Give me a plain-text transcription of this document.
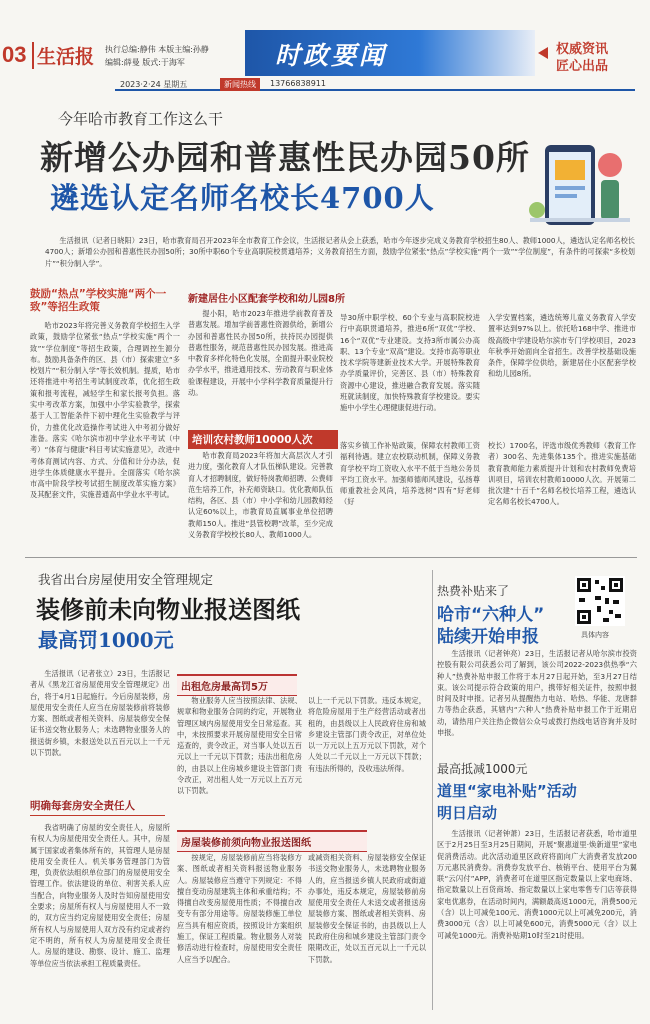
03 生活报 执行总编:静伟 本版主编:孙静
编辑:薛曼 版式:于海军	时政要闻	权威资讯
匠心出品
2023·2·24 星期五	新闻热线	13766838911
今年哈市教育工作这么干
新增公办园和普惠性民办园50所
遴选认定名师名校长4700人
生活报讯（记者日晓阳）23日，哈市教育局召开2023年全市教育工作会议，生活报记者从会上获悉，哈市今年逐步完成义务教育学校招生80人、教师1000人，遴选认定名师名校长4700人；新增公办园和普惠性民办园50所；30所中职60个专业高职院校贯通培养；义务教育招生方面，鼓励学位紧张“热点”学校实施“两个一致”“学位制度”，有条件的可探索“多校划片”“积分制入学”。
鼓励“热点”学校实施“两个一致”等招生政策
哈市2023年将完善义务教育学校招生入学政策，鼓励学位紧张“热点”学校实施“两个一致”“学位制度”等招生政策，合理调控生源分布。鼓励具备条件的区、县（市）探索建立“多校划片”“积分制入学”等长效机制。提质，哈市还将推进中考招生考试制度改革，优化招生政策和报考流程，减轻学生和家长报考负担。落实中考改革方案，加强中小学实验教学，探索基于人工智能条件下初中理化生实验教学与评价，力推优化改造操作考试进入中考初分做好准备。落实《哈尔滨市初中学业水平考试（中考）“体育与健康”科目考试实施意见》，改进中考体育测试内容、方式、分值和计分办法，促进学生体质健康水平提升。全面落实《哈尔滨市高中阶段学校考试招生制度改革实施方案》及其配套文件，实施普通高中学业水平考试。
新建居住小区配套学校和幼儿园8所
提小阳，哈市2023年推进学前教育普及普惠发展。增加学前普惠性资源供给，新增公办园和普惠性民办园50所，扶持民办园提供普惠性服务，规范普惠性民办园发展。推进高中教育多样化特色化发展，全面提升职业院校办学水平，推进通用技术、劳动教育与职业体验课程建设，开展中小学科学教育质量提升行动。
培训农村教师10000人次
哈市教育局2023年将加大高层次人才引进力度，强化教育人才队伍梯队建设。完善教育人才招聘制度，做好特岗教师招聘、公费师范生培养工作，补充师资缺口。优化教师队伍结构，各区、县（市）中小学和幼儿园教师经认定60%以上，市教育局直属事业单位招聘教师150人。推进“县管校聘”改革，至少完成义务教育学校校长80人、教师1000人。
导30所中职学校、60个专业与高职院校进行中高职贯通培养，推进6所“双优”学校、16个“双优”专业建设。支持3所市属公办高职、13个专业“双高”建设。支持市高等职业技术学院等建新业技术大学。开展特殊教育办学质量评价，完善区、县（市）特殊教育资源中心建设，推进融合教育发展。落实随班就读制度，加快特殊教育学校建设。要实施中小学生心理健康促进行动。
落实乡镇工作补贴政策，保障农村教师工资福利待遇。建立农校联动机制，保障义务教育学校平均工资收入水平不低于当地公务员平均工资水平。加强师德师风建设，弘扬尊师重教社会风尚，培养选树“四有”好老师（好
入学安置档案，遴选统筹儿童义务教育入学安置率达到97%以上。依托哈168中学、推进市级高级中学建设哈尔滨市专门学校项目，2023年秋季开始面向全省招生。改善学校基础设施条件，保障学位供给，新建居住小区配套学校和幼儿园8所。
校长）1700名，评选市级优秀教师（教育工作者）300名、先进集体135个。推进实施基础教育教师能力素质提升计划和农村教师免费培训项目，培训农村教师10000人次。开展第二批次建“十百千”名师名校长培养工程，遴选认定名师名校长4700人。
我省出台房屋使用安全管理规定
装修前未向物业报送图纸
最高罚1000元
生活报讯（记者张立）23日，生活报记者从《黑龙江省房屋使用安全管理规定》出台，将于4月1日起施行。今后房屋装修，房屋使用安全责任人应当在房屋装修前将装修方案、图纸或者相关资料、房屋装修安全保证书送交物业服务人；未选聘物业服务人的报送街乡镇，未报送处以五百元以上一千元以下罚款。
明确每套房安全责任人
我省明确了房屋的安全责任人，房屋所有权人为房屋使用安全责任人。其中，房屋属于国家或者集体所有的，其管理人是房屋使用安全责任人。机关事务管理部门为管理，负责依法组织单位部门的房屋使用安全管理工作。依法建设的单位、利害关系人应当配合，向物业服务人及时告知房屋使用安全要求；房屋所有权人与房屋使用人不一致的，双方应当约定房屋使用安全责任；房屋所有权人与房屋使用人双方没有约定或者约定不明的，所有权人为房屋使用安全责任人。房屋的建设、勘察、设计、施工、监理等单位应当依法承担工程质量责任。
出租危房最高罚5万
物业服务人应当按照法律、法规、规章和物业服务合同的约定，开展物业管理区域内房屋使用安全日常巡查。其中，未按照要求开展房屋使用安全日常巡查的，责令改正，对当事人处以五百元以上一千元以下罚款；违法出租危房的，由县以上住房城乡建设主管部门责令改正，对出租人处一万元以上五万元以下罚款。
以上一千元以下罚款。违反本规定，将危险房屋用于生产经营活动或者出租的，由县级以上人民政府住房和城乡建设主管部门责令改正，对单位处以一万元以上五万元以下罚款，对个人处以二千元以上一万元以下罚款；有违法所得的，没收违法所得。
房屋装修前须向物业报送图纸
按规定，房屋装修前应当将装修方案、图纸或者相关资料报送物业服务人。房屋装修应当遵守下列规定：不得擅自变动房屋建筑主体和承重结构；不得擅自改变房屋使用性质；不得擅自改变专有部分用途等。房屋装修施工单位应当具有相应资质，按照设计方案组织施工，保证工程质量。物业服务人对装修活动进行检查时，房屋使用安全责任人应当予以配合。
或减资相关资料、房屋装修安全保证书送交物业服务人，未选聘物业服务人的，应当报送乡镇人民政府或街道办事处，违反本规定，房屋装修前房屋使用安全责任人未送交或者报送房屋装修方案、图纸或者相关资料、房屋装修安全保证书的，由县级以上人民政府住房和城乡建设主管部门责令限期改正，处以五百元以上一千元以下罚款。
热费补贴来了
哈市“六种人”
陆续开始申报	具体内容
生活报讯（记者钟亮）23日，生活报记者从哈尔滨市投资控股有限公司获悉公司了解到，该公司2022-2023供热季“六种人”热费补贴申报工作将于本月27日起开始，至3月27日结束。该公司提示符合政策的用户，携带好相关证件，按照申报时间及时申报。记者另从提醒热力电站、哈热、华能、龙唐群力等热企获悉，其辖内“六种人”热费补贴申报工作于近期启动，请热用户关注热企微信公众号或拨打热线电话咨询并及时申报。
最高抵减1000元
道里“家电补贴”活动
明日启动
生活报讯（记者钟萧）23日，生活报记者获悉，哈市道里区于2月25日至3月25日期间，开展“聚惠道里·焕新道里”家电促消费活动。此次活动道里区政府将面向广大消费者发放200万元惠民消费券。消费券发放平台、核销平台、使用平台为翼联“云闪付”APP，消费者可在道里区指定数量以上家电商场、指定数量以上百货商场、指定数量以上家电零售专门店等获得家电优惠券，在活动时间内，满额最高返1000元，消费500元（含）以上可减免100元、消费1000元以上可减免200元，消费3000元（含）以上可减免600元，消费5000元（含）以上可减免1000元。消费补贴期10时至21时使用。
